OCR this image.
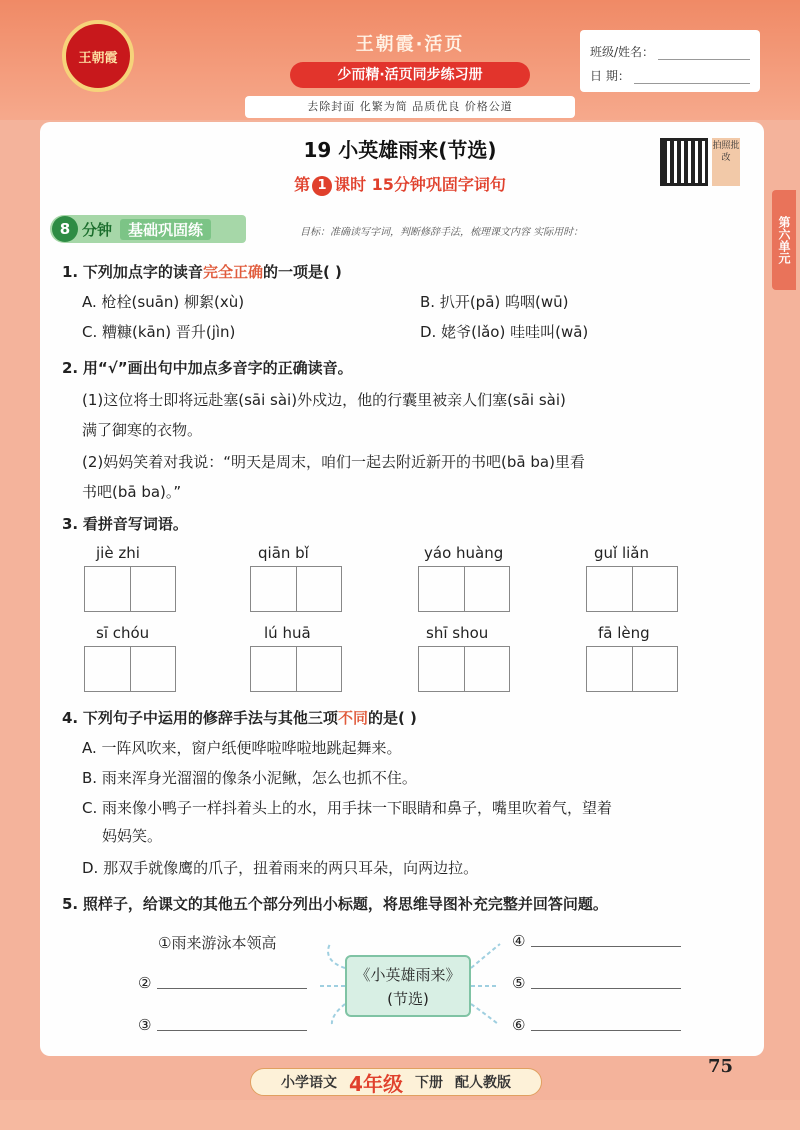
王朝霞
王朝霞·活页
少而精·活页同步练习册
班级/姓名：
日 期：
去除封面 化繁为简 品质优良 价格公道
第六单元
19 小英雄雨来(节选)
第 1 课时 15分钟巩固字词句
拍照批改
8 分钟	基础巩固练	目标：准确读写字词，判断修辞手法，梳理课文内容 实际用时：
1. 下列加点字的读音完全正确的一项是( )
A. 枪栓(suān) 柳絮(xù)	B. 扒开(pā) 呜咽(wū)
C. 糟糠(kān) 晋升(jìn)	D. 姥爷(lǎo) 哇哇叫(wā)
2. 用“√”画出句中加点多音字的正确读音。
(1)这位将士即将远赴塞(sāi sài)外戍边，他的行囊里被亲人们塞(sāi sài)
满了御寒的衣物。
(2)妈妈笑着对我说：“明天是周末，咱们一起去附近新开的书吧(bā ba)里看
书吧(bā ba)。”
3. 看拼音写词语。
jiè zhi	qiān bǐ	yáo huàng	guǐ liǎn
sī chóu	lú huā	shī shou	fā lèng
4. 下列句子中运用的修辞手法与其他三项不同的是( )
A. 一阵风吹来，窗户纸便哗啦哗啦地跳起舞来。
B. 雨来浑身光溜溜的像条小泥鳅，怎么也抓不住。
C. 雨来像小鸭子一样抖着头上的水，用手抹一下眼睛和鼻子，嘴里吹着气，望着
妈妈笑。
D. 那双手就像鹰的爪子，扭着雨来的两只耳朵，向两边拉。
5. 照样子，给课文的其他五个部分列出小标题，将思维导图补充完整并回答问题。
《小英雄雨来》
(节选)
①雨来游泳本领高
②
③
④
⑤
⑥
75
小学语文 4年级 下册 配人教版
